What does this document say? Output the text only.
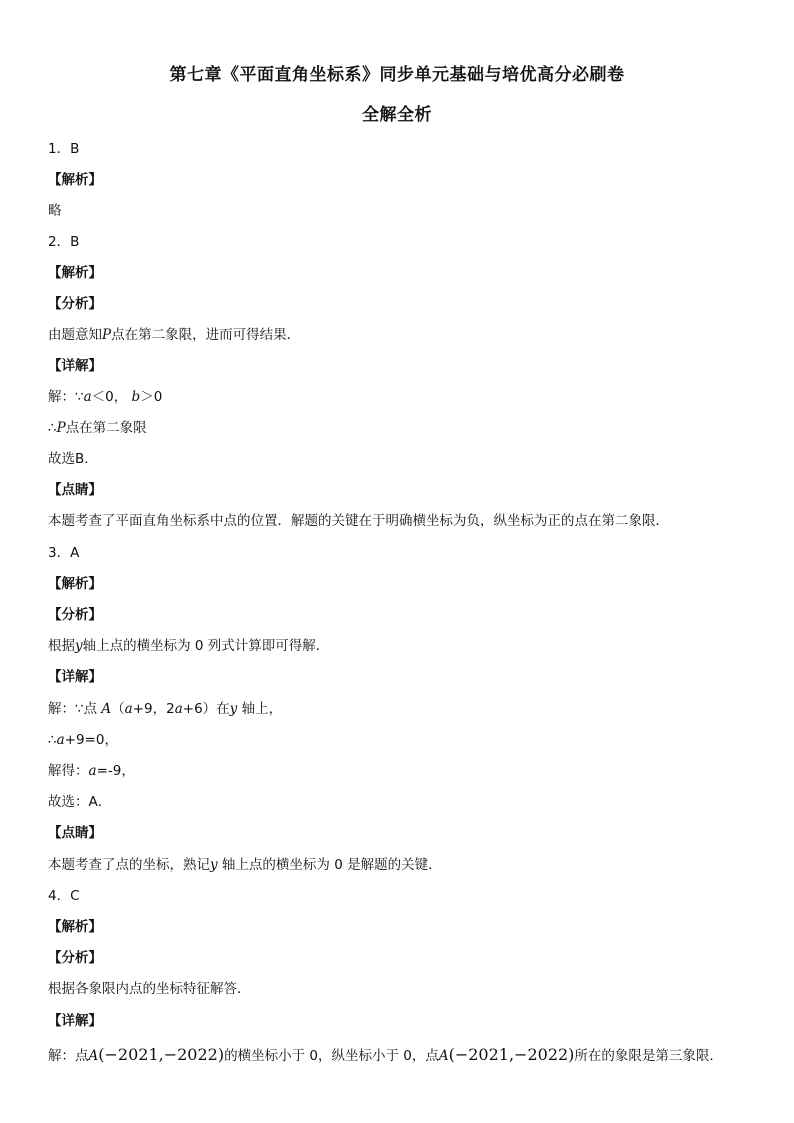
第七章《平面直角坐标系》同步单元基础与培优高分必刷卷
全解全析
1．B
【解析】
略
2．B
【解析】
【分析】
由题意知P点在第二象限，进而可得结果．
【详解】
解：∵a＜0， b＞0
∴P点在第二象限
故选B．
【点睛】
本题考查了平面直角坐标系中点的位置．解题的关键在于明确横坐标为负，纵坐标为正的点在第二象限．
3．A
【解析】
【分析】
根据y轴上点的横坐标为 0 列式计算即可得解．
【详解】
解：∵点 A（a+9，2a+6）在y 轴上，
∴a+9=0，
解得：a=-9，
故选：A．
【点睛】
本题考查了点的坐标，熟记y 轴上点的横坐标为 0 是解题的关键．
4．C
【解析】
【分析】
根据各象限内点的坐标特征解答．
【详解】
解：点A(−2021,−2022)的横坐标小于 0，纵坐标小于 0，点A(−2021,−2022)所在的象限是第三象限．
